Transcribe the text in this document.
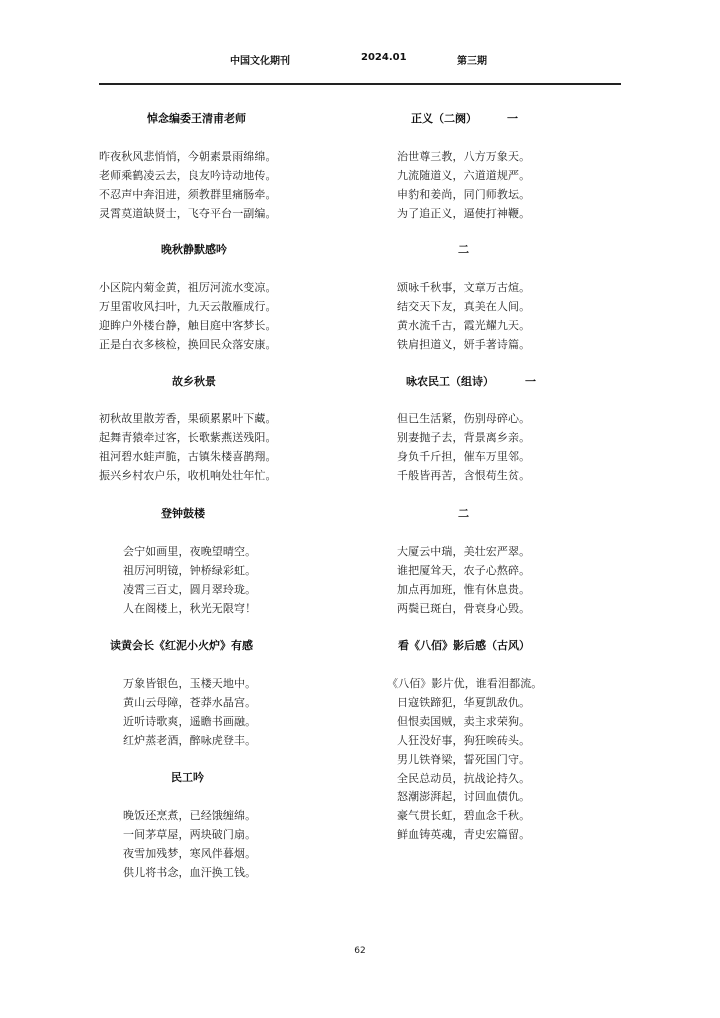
中国文化期刊	2024.01	第三期
悼念编委王清甫老师
昨夜秋风悲悄悄，今朝素景雨绵绵。
老师乘鹤凌云去，良友吟诗动地传。
不忍声中奔泪进，须教群里痛肠牵。
灵霄莫道缺贤士，飞夺平台一副编。
晚秋静默感吟
小区院内菊金黄，祖厉河流水变凉。
万里雷收风扫叶，九天云散雁成行。
迎眸户外楼台静，触目庭中客梦长。
正是白衣多核检，换回民众落安康。
故乡秋景
初秋故里散芳香，果硕累累叶下藏。
起舞青猿牵过客，长歌紫燕送残阳。
祖河碧水蛙声脆，古镇朱楼喜鹊翔。
振兴乡村农户乐，收机响处壮年忙。
登钟鼓楼
会宁如画里，夜晚望晴空。
祖厉河明镜，钟桥绿彩虹。
凌霄三百丈，圆月翠玲珑。
人在阁楼上，秋光无限穹！
读黄会长《红泥小火炉》有感
万象皆银色，玉楼天地中。
黄山云母障，苍莽水晶宫。
近听诗歌爽，遥瞻书画融。
红炉蒸老酒，醉咏虎登丰。
民工吟
晚饭还烹煮，已经饿缠绵。
一间茅草屋，两块破门扇。
夜雪加残梦，寒风伴暮烟。
供儿将书念，血汗换工钱。
正义（二阕）	一
治世尊三教，八方万象天。
九流随道义，六道道规严。
申豹和姜尚，同门师教坛。
为了追正义，逼使打神鞭。
二
颂咏千秋事，文章万古煊。
结交天下友，真美在人间。
黄水流千古，霞光耀九天。
铁肩担道义，妍手著诗篇。
咏农民工（组诗）	一
但已生活紧，伤别母碎心。
别妻抛子去，背景离乡亲。
身负千斤担，催车万里邻。
千般皆再苦，含恨苟生贫。
二
大厦云中瑞，美壮宏严翠。
谁把厦耸天，农子心熬碎。
加点再加班，惟有休息贵。
两鬓已斑白，骨衰身心毁。
看《八佰》影后感（古风）
《八佰》影片优，谁看泪都流。
日寇铁蹄犯，华夏凯敌仇。
但恨卖国贼，卖主求荣狗。
人狂没好事，狗狂唉砖头。
男儿铁脊梁，誓死国门守。
全民总动员，抗战论持久。
怒潮澎湃起，讨回血债仇。
豪气贯长虹，碧血念千秋。
鲜血铸英魂，青史宏篇留。
62
